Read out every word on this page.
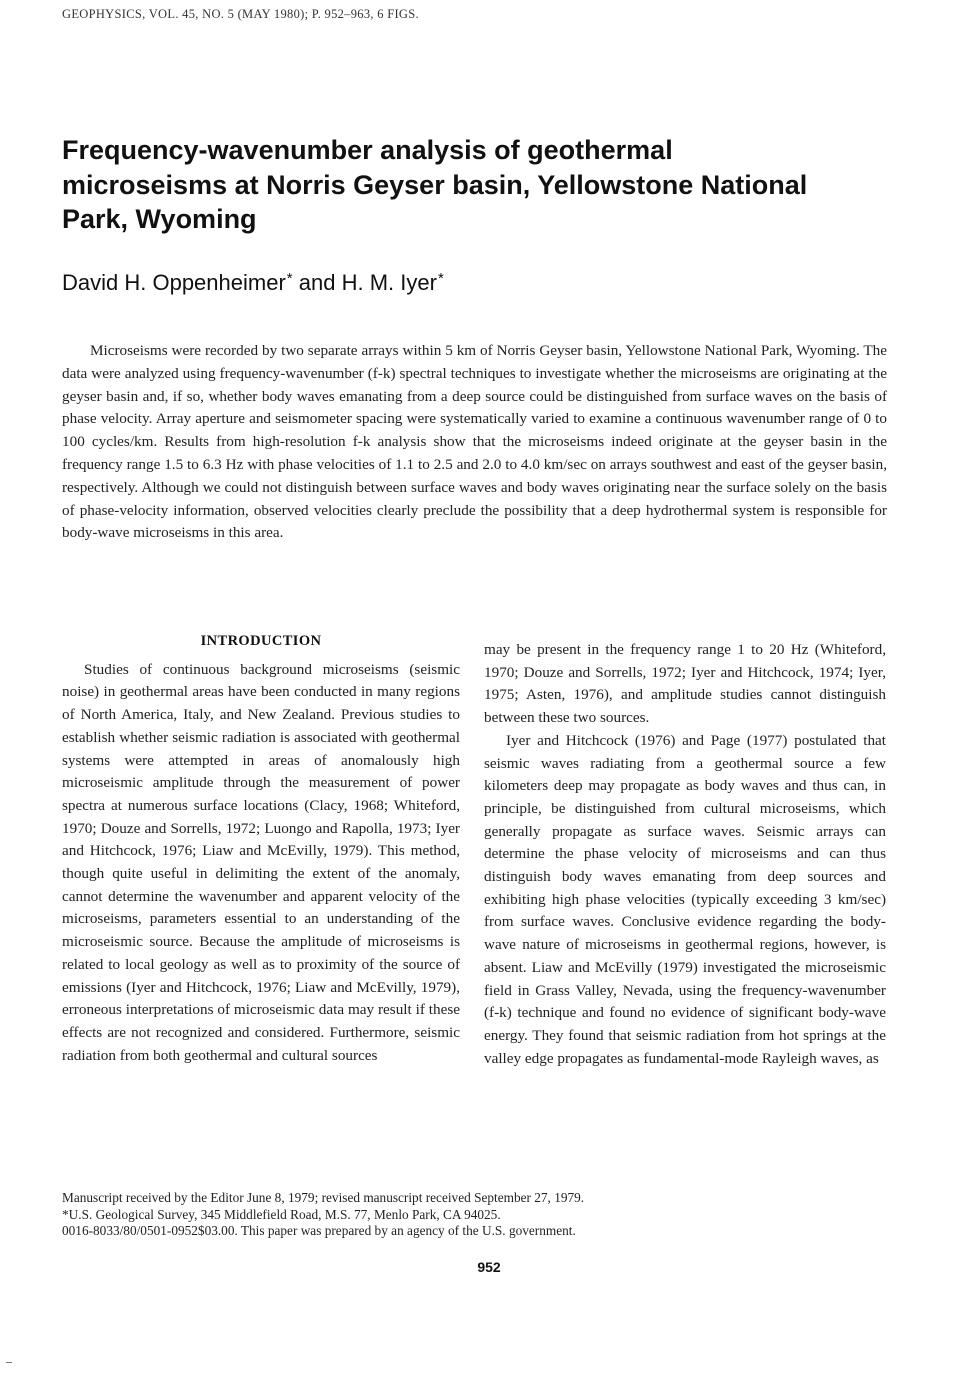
GEOPHYSICS, VOL. 45, NO. 5 (MAY 1980); P. 952–963, 6 FIGS.
Frequency-wavenumber analysis of geothermal microseisms at Norris Geyser basin, Yellowstone National Park, Wyoming
David H. Oppenheimer* and H. M. Iyer*

Microseisms were recorded by two separate arrays within 5 km of Norris Geyser basin, Yellowstone National Park, Wyoming. The data were analyzed using frequency-wavenumber (f-k) spectral techniques to investigate whether the microseisms are originating at the geyser basin and, if so, whether body waves emanating from a deep source could be distinguished from surface waves on the basis of phase velocity. Array aperture and seismometer spacing were systematically varied to examine a continuous wavenumber range of 0 to 100 cycles/km. Results from high-resolution f-k analysis show that the microseisms indeed originate at the geyser basin in the frequency range 1.5 to 6.3 Hz with phase velocities of 1.1 to 2.5 and 2.0 to 4.0 km/sec on arrays southwest and east of the geyser basin, respectively. Although we could not distinguish between surface waves and body waves originating near the surface solely on the basis of phase-velocity information, observed velocities clearly preclude the possibility that a deep hydrothermal system is responsible for body-wave microseisms in this area.

INTRODUCTION

Studies of continuous background microseisms (seismic noise) in geothermal areas have been conducted in many regions of North America, Italy, and New Zealand. Previous studies to establish whether seismic radiation is associated with geothermal systems were attempted in areas of anomalously high microseismic amplitude through the measurement of power spectra at numerous surface locations (Clacy, 1968; Whiteford, 1970; Douze and Sorrells, 1972; Luongo and Rapolla, 1973; Iyer and Hitchcock, 1976; Liaw and McEvilly, 1979). This method, though quite useful in delimiting the extent of the anomaly, cannot determine the wavenumber and apparent velocity of the microseisms, parameters essential to an understanding of the microseismic source. Because the amplitude of microseisms is related to local geology as well as to proximity of the source of emissions (Iyer and Hitchcock, 1976; Liaw and McEvilly, 1979), erroneous interpretations of microseismic data may result if these effects are not recognized and considered. Furthermore, seismic radiation from both geothermal and cultural sources

may be present in the frequency range 1 to 20 Hz (Whiteford, 1970; Douze and Sorrells, 1972; Iyer and Hitchcock, 1974; Iyer, 1975; Asten, 1976), and amplitude studies cannot distinguish between these two sources.

Iyer and Hitchcock (1976) and Page (1977) postulated that seismic waves radiating from a geothermal source a few kilometers deep may propagate as body waves and thus can, in principle, be distinguished from cultural microseisms, which generally propagate as surface waves. Seismic arrays can determine the phase velocity of microseisms and can thus distinguish body waves emanating from deep sources and exhibiting high phase velocities (typically exceeding 3 km/sec) from surface waves. Conclusive evidence regarding the body-wave nature of microseisms in geothermal regions, however, is absent. Liaw and McEvilly (1979) investigated the microseismic field in Grass Valley, Nevada, using the frequency-wavenumber (f-k) technique and found no evidence of significant body-wave energy. They found that seismic radiation from hot springs at the valley edge propagates as fundamental-mode Rayleigh waves, as

Manuscript received by the Editor June 8, 1979; revised manuscript received September 27, 1979.
*U.S. Geological Survey, 345 Middlefield Road, M.S. 77, Menlo Park, CA 94025.
0016-8033/80/0501-0952$03.00. This paper was prepared by an agency of the U.S. government.
952
